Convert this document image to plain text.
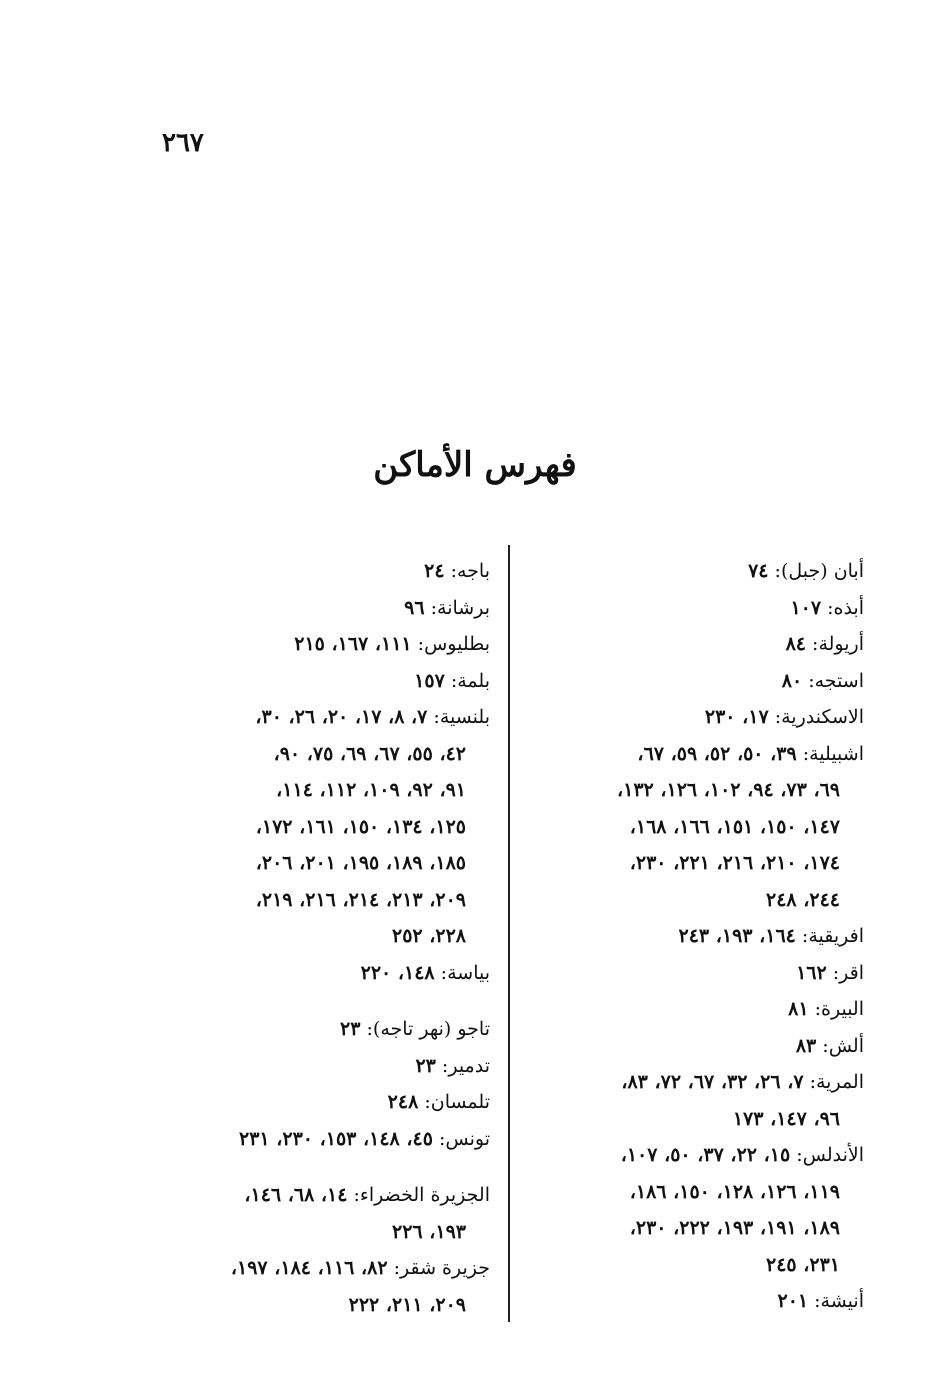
٢٦٧
فهرس الأماكن
أبان (جبل): ٧٤
أبذه: ١٠٧
أريولة: ٨٤
استجه: ٨٠
الاسكندرية: ١٧، ٢٣٠
اشبيلية: ٣٩، ٥٠، ٥٢، ٥٩، ٦٧،
٦٩، ٧٣، ٩٤، ١٠٢، ١٢٦، ١٣٢،
١٤٧، ١٥٠، ١٥١، ١٦٦، ١٦٨،
١٧٤، ٢١٠، ٢١٦، ٢٢١، ٢٣٠،
٢٤٤، ٢٤٨
افريقية: ١٦٤، ١٩٣، ٢٤٣
اقر: ١٦٢
البيرة: ٨١
ألش: ٨٣
المرية: ٧، ٢٦، ٣٢، ٦٧، ٧٢، ٨٣،
٩٦، ١٤٧، ١٧٣
الأندلس: ١٥، ٢٢، ٣٧، ٥٠، ١٠٧،
١١٩، ١٢٦، ١٢٨، ١٥٠، ١٨٦،
١٨٩، ١٩١، ١٩٣، ٢٢٢، ٢٣٠،
٢٣١، ٢٤٥
أنيشة: ٢٠١
باجه: ٢٤
برشانة: ٩٦
بطليوس: ١١١، ١٦٧، ٢١٥
بلمة: ١٥٧
بلنسية: ٧، ٨، ١٧، ٢٠، ٢٦، ٣٠،
٤٢، ٥٥، ٦٧، ٦٩، ٧٥، ٩٠،
٩١، ٩٢، ١٠٩، ١١٢، ١١٤،
١٢٥، ١٣٤، ١٥٠، ١٦١، ١٧٢،
١٨٥، ١٨٩، ١٩٥، ٢٠١، ٢٠٦،
٢٠٩، ٢١٣، ٢١٤، ٢١٦، ٢١٩،
٢٢٨، ٢٥٢
بياسة: ١٤٨، ٢٢٠
تاجو (نهر تاجه): ٢٣
تدمير: ٢٣
تلمسان: ٢٤٨
تونس: ٤٥، ١٤٨، ١٥٣، ٢٣٠، ٢٣١
الجزيرة الخضراء: ١٤، ٦٨، ١٤٦،
١٩٣، ٢٢٦
جزيرة شقر: ٨٢، ١١٦، ١٨٤، ١٩٧،
٢٠٩، ٢١١، ٢٢٢
